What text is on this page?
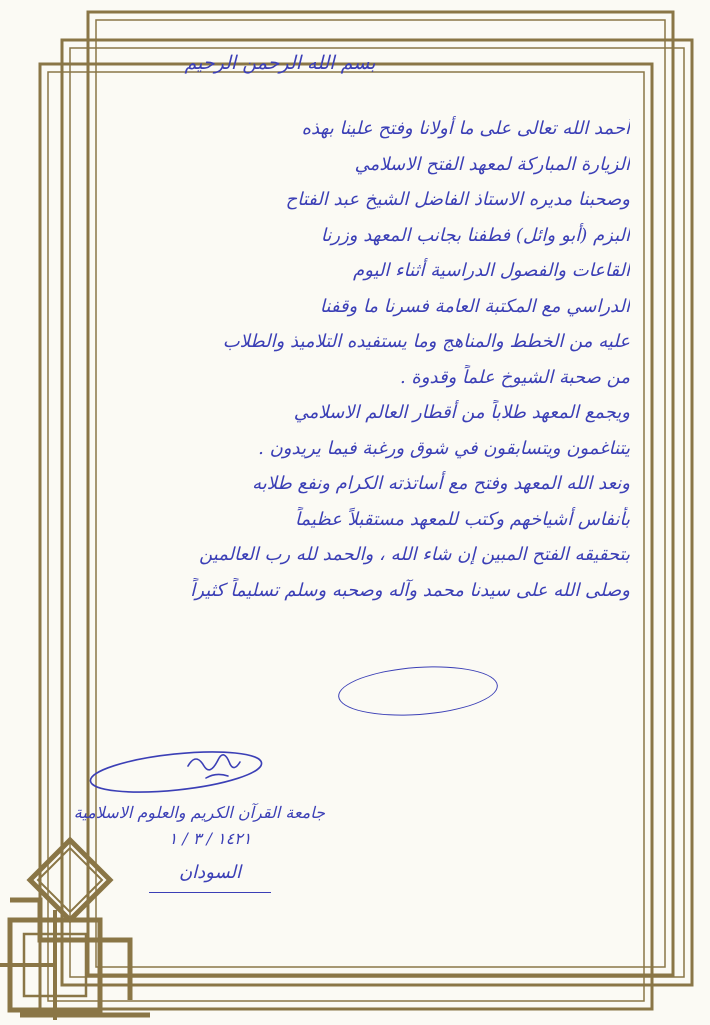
بسم الله الرحمن الرحيم
أحمد الله تعالى على ما أولانا وفتح علينا بهذه
الزيارة المباركة لمعهد الفتح الاسلامي
وصحبنا مديره الاستاذ الفاضل الشيخ عبد الفتاح
البزم (أبو وائل) فطفنا بجانب المعهد وزرنا
القاعات والفصول الدراسية أثناء اليوم
الدراسي مع المكتبة العامة فسرنا ما وقفنا
عليه من الخطط والمناهج وما يستفيده التلاميذ والطلاب
من صحبة الشيوخ علماً وقدوة .
ويجمع المعهد طلاباً من أقطار العالم الاسلامي
يتناغمون ويتسابقون في شوق ورغبة فيما يريدون .
ونعد الله المعهد وفتح مع أساتذته الكرام ونفع طلابه
بأنفاس أشياخهم وكتب للمعهد مستقبلاً عظيماً
بتحقيقه الفتح المبين إن شاء الله ، والحمد لله رب العالمين
وصلى الله على سيدنا محمد وآله وصحبه وسلم تسليماً كثيراً
جامعة القرآن الكريم والعلوم الاسلامية
١٤٢١ / ٣ / ١
السودان
